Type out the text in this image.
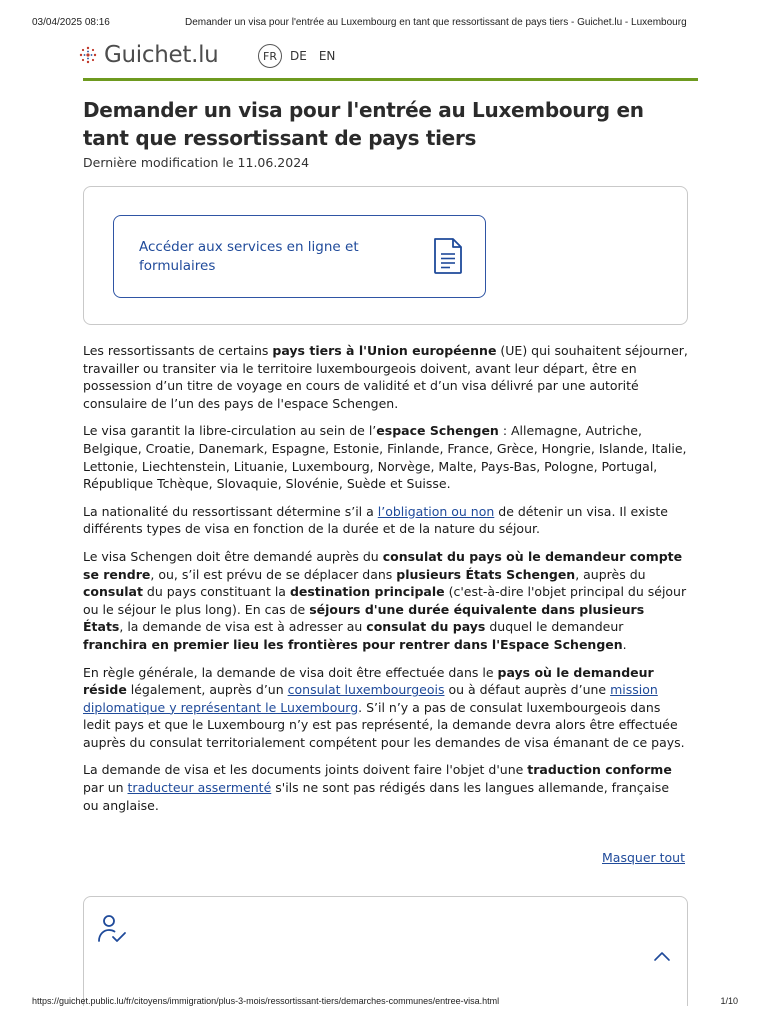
03/04/2025 08:16	Demander un visa pour l'entrée au Luxembourg en tant que ressortissant de pays tiers - Guichet.lu - Luxembourg
Guichet.lu	FR	DE EN
Demander un visa pour l'entrée au Luxembourg en tant que ressortissant de pays tiers
Dernière modification le 11.06.2024
Accéder aux services en ligne et formulaires

Les ressortissants de certains pays tiers à l'Union européenne (UE) qui souhaitent séjourner, travailler ou transiter via le territoire luxembourgeois doivent, avant leur départ, être en possession d’un titre de voyage en cours de validité et d’un visa délivré par une autorité consulaire de l’un des pays de l'espace Schengen.

Le visa garantit la libre-circulation au sein de l’espace Schengen : Allemagne, Autriche, Belgique, Croatie, Danemark, Espagne, Estonie, Finlande, France, Grèce, Hongrie, Islande, Italie, Lettonie, Liechtenstein, Lituanie, Luxembourg, Norvège, Malte, Pays-Bas, Pologne, Portugal, République Tchèque, Slovaquie, Slovénie, Suède et Suisse.

La nationalité du ressortissant détermine s’il a l’obligation ou non de détenir un visa. Il existe différents types de visa en fonction de la durée et de la nature du séjour.

Le visa Schengen doit être demandé auprès du consulat du pays où le demandeur compte se rendre, ou, s’il est prévu de se déplacer dans plusieurs États Schengen, auprès du consulat du pays constituant la destination principale (c'est-à-dire l'objet principal du séjour ou le séjour le plus long). En cas de séjours d'une durée équivalente dans plusieurs États, la demande de visa est à adresser au consulat du pays duquel le demandeur franchira en premier lieu les frontières pour rentrer dans l'Espace Schengen.

En règle générale, la demande de visa doit être effectuée dans le pays où le demandeur réside légalement, auprès d’un consulat luxembourgeois ou à défaut auprès d’une mission diplomatique y représentant le Luxembourg. S’il n’y a pas de consulat luxembourgeois dans ledit pays et que le Luxembourg n’y est pas représenté, la demande devra alors être effectuée auprès du consulat territorialement compétent pour les demandes de visa émanant de ce pays.

La demande de visa et les documents joints doivent faire l'objet d'une traduction conforme par un traducteur assermenté s'ils ne sont pas rédigés dans les langues allemande, française ou anglaise.

Masquer tout
https://guichet.public.lu/fr/citoyens/immigration/plus-3-mois/ressortissant-tiers/demarches-communes/entree-visa.html	1/10
